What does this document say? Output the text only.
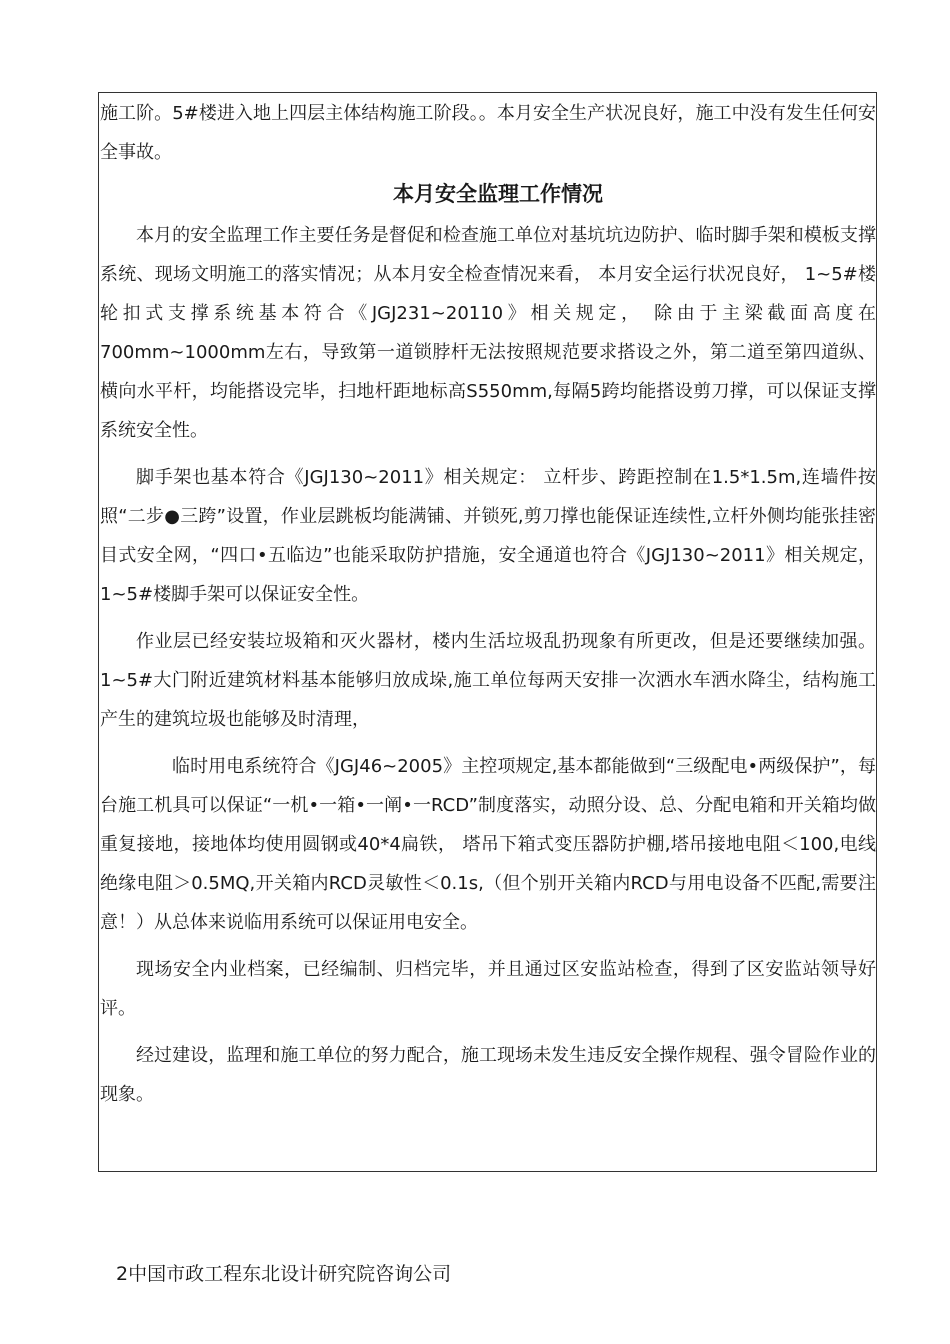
施工阶。5#楼进入地上四层主体结构施工阶段。。本月安全生产状况良好，施工中没有发生任何安全事故。

本月安全监理工作情况

本月的安全监理工作主要任务是督促和检查施工单位对基坑坑边防护、临时脚手架和模板支撑系统、现场文明施工的落实情况；从本月安全检查情况来看， 本月安全运行状况良好， 1~5#楼轮扣式支撑系统基本符合《JGJ231~20110》相关规定， 除由于主梁截面高度在700mm~1000mm左右，导致第一道锁脖杆无法按照规范要求搭设之外，第二道至第四道纵、横向水平杆，均能搭设完毕，扫地杆距地标高S550mm,每隔5跨均能搭设剪刀撑，可以保证支撑系统安全性。

脚手架也基本符合《JGJ130~2011》相关规定： 立杆步、跨距控制在1.5*1.5m,连墙件按照“二步●三跨”设置，作业层跳板均能满铺、并锁死,剪刀撑也能保证连续性,立杆外侧均能张挂密目式安全网，“四口•五临边”也能采取防护措施，安全通道也符合《JGJ130~2011》相关规定，1~5#楼脚手架可以保证安全性。

作业层已经安装垃圾箱和灭火器材，楼内生活垃圾乱扔现象有所更改，但是还要继续加强。1~5#大门附近建筑材料基本能够归放成垛,施工单位每两天安排一次洒水车洒水降尘，结构施工产生的建筑垃圾也能够及时清理，

临时用电系统符合《JGJ46~2005》主控项规定,基本都能做到“三级配电•两级保护”，每台施工机具可以保证“一机•一箱•一阐•一RCD”制度落实，动照分设、总、分配电箱和开关箱均做重复接地，接地体均使用圆钢或40*4扁铁， 塔吊下箱式变压器防护棚,塔吊接地电阻＜100,电线绝缘电阻＞0.5MQ,开关箱内RCD灵敏性＜0.1s,（但个别开关箱内RCD与用电设备不匹配,需要注意！）从总体来说临用系统可以保证用电安全。

现场安全内业档案，已经编制、归档完毕，并且通过区安监站检查，得到了区安监站领导好评。

经过建设，监理和施工单位的努力配合，施工现场未发生违反安全操作规程、强令冒险作业的现象。

2中国市政工程东北设计研究院咨询公司
